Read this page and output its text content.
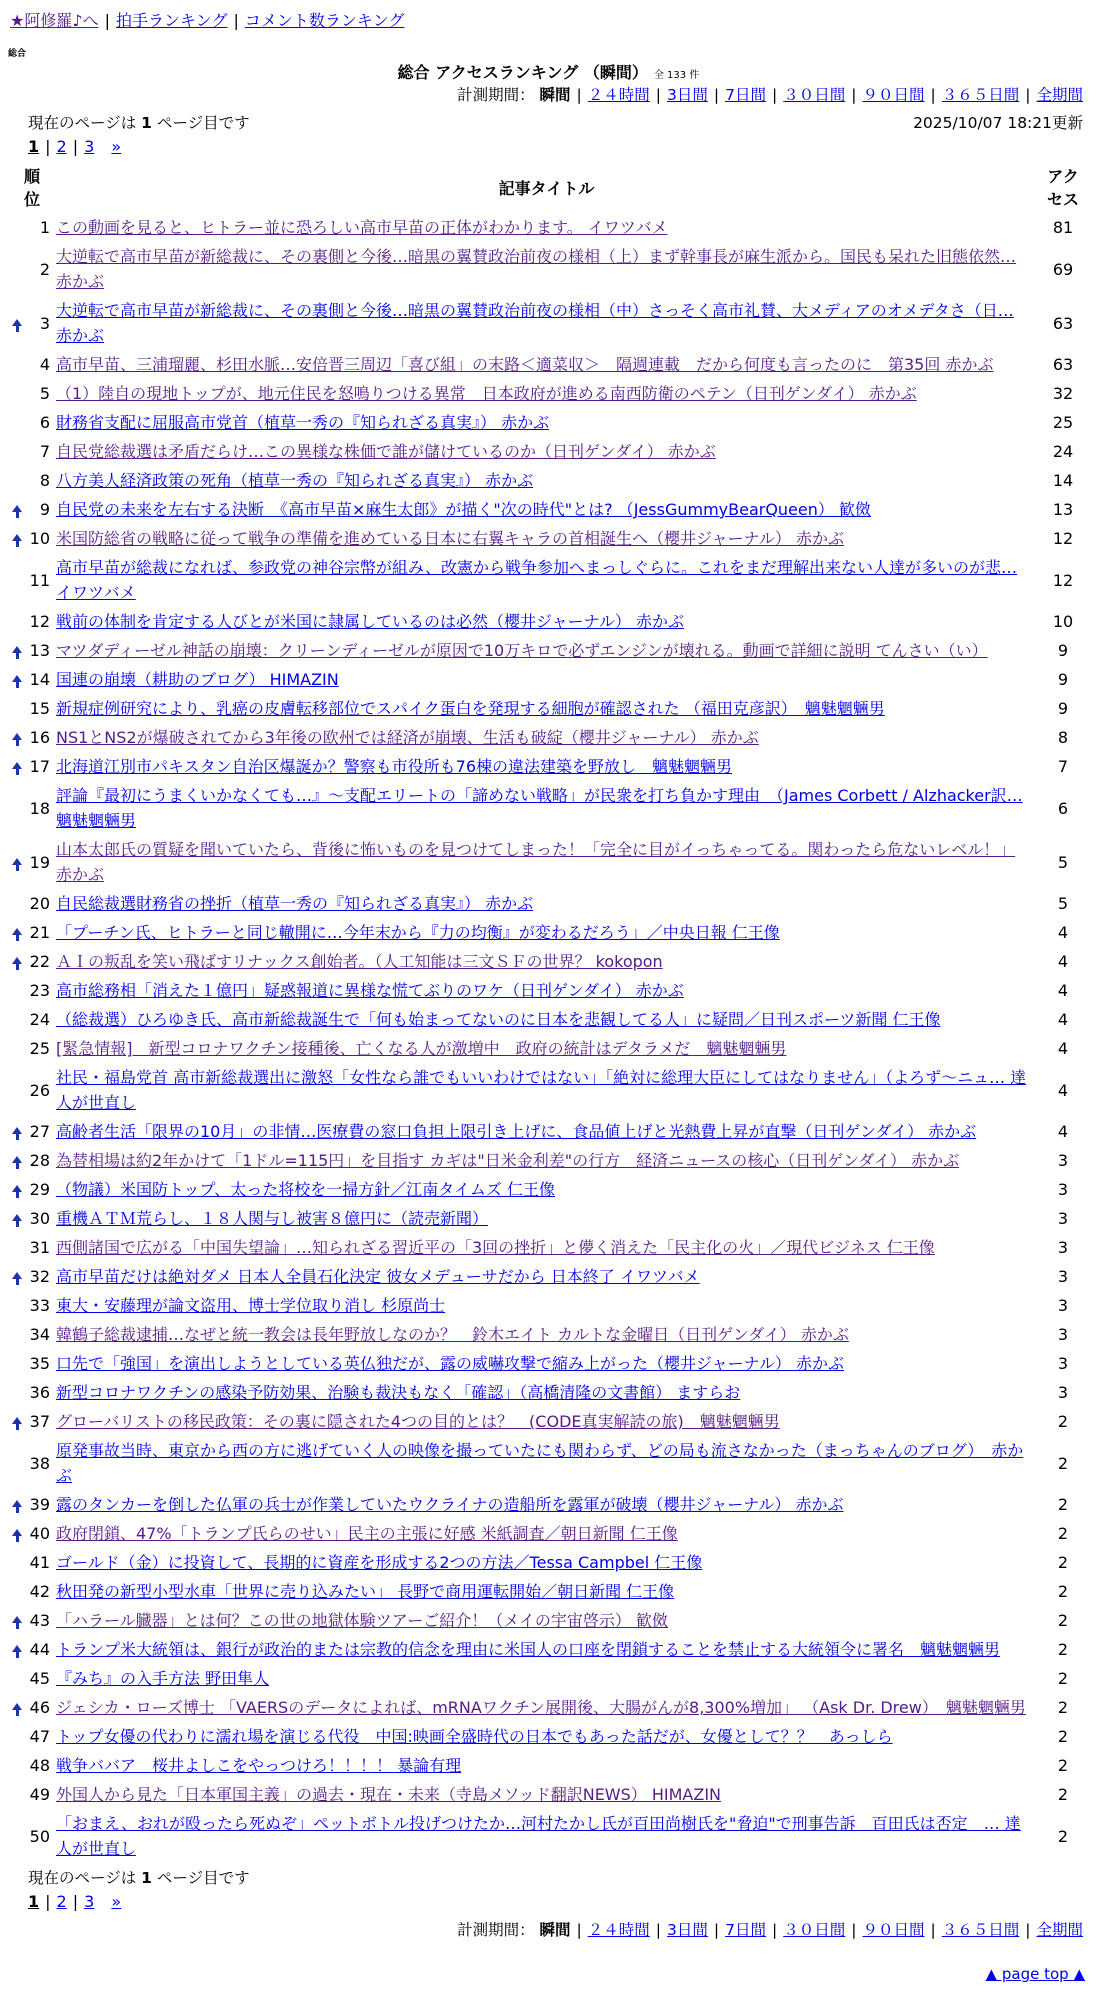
★阿修羅♪へ | 拍手ランキング | コメント数ランキング
総合
総合 アクセスランキング （瞬間） 全 133 件
計測期間： 瞬間 | ２４時間 | 3日間 | 7日間 | ３０日間 | ９０日間 | ３６５日間 | 全期間
現在のページは 1 ページ目です	2025/10/07 18:21更新
1 | 2 | 3 »
順位		記事タイトル	アクセス
	1	この動画を見ると、ヒトラー並に恐ろしい高市早苗の正体がわかります。 イワツバメ	81
	2	大逆転で高市早苗が新総裁に、その裏側と今後…暗黒の翼賛政治前夜の様相（上）まず幹事長が麻生派から。国民も呆れた旧態依然… 赤かぶ	69
	3	大逆転で高市早苗が新総裁に、その裏側と今後…暗黒の翼賛政治前夜の様相（中）さっそく高市礼賛、大メディアのオメデタさ（日… 赤かぶ	63
	4	高市早苗、三浦瑠麗、杉田水脈…安倍晋三周辺「喜び組」の末路＜適菜収＞　隔週連載　だから何度も言ったのに　第35回 赤かぶ	63
	5	（1）陸自の現地トップが、地元住民を怒鳴りつける異常　日本政府が進める南西防衛のペテン（日刊ゲンダイ） 赤かぶ	32
	6	財務省支配に屈服高市党首（植草一秀の『知られざる真実』） 赤かぶ	25
	7	自民党総裁選は矛盾だらけ…この異様な株価で誰が儲けているのか（日刊ゲンダイ） 赤かぶ	24
	8	八方美人経済政策の死角（植草一秀の『知られざる真実』） 赤かぶ	14
	9	自民党の未来を左右する決断　《高市早苗×麻生太郎》が描く"次の時代"とは? （JessGummyBearQueen） 歓傚	13
	10	米国防総省の戦略に従って戦争の準備を進めている日本に右翼キャラの首相誕生へ（櫻井ジャーナル） 赤かぶ	12
	11	高市早苗が総裁になれば、参政党の神谷宗幣が組み、改憲から戦争参加へまっしぐらに。これをまだ理解出来ない人達が多いのが悲… イワツバメ	12
	12	戦前の体制を肯定する人びとが米国に隷属しているのは必然（櫻井ジャーナル） 赤かぶ	10
	13	マツダディーゼル神話の崩壊：クリーンディーゼルが原因で10万キロで必ずエンジンが壊れる。動画で詳細に説明 てんさい（い）	9
	14	国連の崩壊（耕助のブログ） HIMAZIN	9
	15	新規症例研究により、乳癌の皮膚転移部位でスパイク蛋白を発現する細胞が確認された （福田克彦訳）　魑魅魍魎男	9
	16	NS1とNS2が爆破されてから3年後の欧州では経済が崩壊、生活も破綻（櫻井ジャーナル） 赤かぶ	8
	17	北海道江別市パキスタン自治区爆誕か？警察も市役所も76棟の違法建築を野放し　魑魅魍魎男	7
	18	評論『最初にうまくいかなくても…』～支配エリートの「諦めない戦略」が民衆を打ち負かす理由　（James Corbett / Alzhacker訳… 魑魅魍魎男	6
	19	山本太郎氏の質疑を聞いていたら、背後に怖いものを見つけてしまった！「完全に目がイっちゃってる。関わったら危ないレベル！」 赤かぶ	5
	20	自民総裁選財務省の挫折（植草一秀の『知られざる真実』） 赤かぶ	5
	21	「プーチン氏、ヒトラーと同じ轍開に…今年末から『力の均衡』が変わるだろう」／中央日報 仁王像	4
	22	ＡＩの叛乱を笑い飛ばすリナックス創始者。（人工知能は三文ＳＦの世界？ kokopon	4
	23	高市総務相「消えた１億円」疑惑報道に異様な慌てぶりのワケ（日刊ゲンダイ） 赤かぶ	4
	24	（総裁選）ひろゆき氏、高市新総裁誕生で「何も始まってないのに日本を悲観してる人」に疑問／日刊スポーツ新聞 仁王像	4
	25	[緊急情報]　新型コロナワクチン接種後、亡くなる人が激増中　政府の統計はデタラメだ　魑魅魍魎男	4
	26	社民・福島党首 高市新総裁選出に激怒「女性なら誰でもいいわけではない」「絶対に総理大臣にしてはなりません」（よろず～ニュ… 達人が世直し	4
	27	高齢者生活「限界の10月」の非情…医療費の窓口負担上限引き上げに、食品値上げと光熱費上昇が直撃（日刊ゲンダイ） 赤かぶ	4
	28	為替相場は約2年かけて「1ドル=115円」を目指す カギは"日米金利差"の行方　経済ニュースの核心（日刊ゲンダイ） 赤かぶ	3
	29	（物議）米国防トップ、太った将校を一掃方針／江南タイムズ 仁王像	3
	30	重機ＡＴＭ荒らし、１８人関与し被害８億円に（読売新聞）	3
	31	西側諸国で広がる「中国失望論」…知られざる習近平の「3回の挫折」と儚く消えた「民主化の火」／現代ビジネス 仁王像	3
	32	高市早苗だけは絶対ダメ 日本人全員石化決定 彼女メデューサだから 日本終了 イワツバメ	3
	33	東大・安藤理が論文盗用、博士学位取り消し 杉原尚士	3
	34	韓鶴子総裁逮捕…なぜと統一教会は長年野放しなのか？　鈴木エイト カルトな金曜日（日刊ゲンダイ） 赤かぶ	3
	35	口先で「強国」を演出しようとしている英仏独だが、露の威嚇攻撃で縮み上がった（櫻井ジャーナル） 赤かぶ	3
	36	新型コロナワクチンの感染予防効果、治験も裁決もなく「確認」（高橋清隆の文書館） ますらお	3
	37	グローバリストの移民政策：その裏に隠された4つの目的とは？　(CODE真実解読の旅)　魑魅魍魎男	2
	38	原発事故当時、東京から西の方に逃げていく人の映像を撮っていたにも関わらず、どの局も流さなかった（まっちゃんのブログ）　赤かぶ	2
	39	露のタンカーを倒した仏軍の兵士が作業していたウクライナの造船所を露軍が破壊（櫻井ジャーナル） 赤かぶ	2
	40	政府閉鎖、47%「トランプ氏らのせい」民主の主張に好感 米紙調査／朝日新聞 仁王像	2
	41	ゴールド（金）に投資して、長期的に資産を形成する2つの方法／Tessa Campbel 仁王像	2
	42	秋田発の新型小型水車「世界に売り込みたい」 長野で商用運転開始／朝日新聞 仁王像	2
	43	「ハラール臓器」とは何？この世の地獄体験ツアーご紹介！（メイの宇宙啓示） 歓傚	2
	44	トランプ米大統領は、銀行が政治的または宗教的信念を理由に米国人の口座を閉鎖することを禁止する大統領令に署名　魑魅魍魎男	2
	45	『みち』の入手方法 野田隼人	2
	46	ジェシカ・ローズ博士 「VAERSのデータによれば、mRNAワクチン展開後、大腸がんが8,300%増加」 （Ask Dr. Drew）　魑魅魍魎男	2
	47	トップ女優の代わりに濡れ場を演じる代役　中国:映画全盛時代の日本でもあった話だが、女優として？？　あっしら	2
	48	戦争ババア　桜井よしこをやっつけろ！！！！ 暴論有理	2
	49	外国人から見た「日本軍国主義」の過去・現在・未来（寺島メソッド翻訳NEWS） HIMAZIN	2
	50	「おまえ、おれが殴ったら死ぬぞ」ペットボトル投げつけたか…河村たかし氏が百田尚樹氏を"脅迫"で刑事告訴　百田氏は否定　… 達人が世直し	2
現在のページは 1 ページ目です
1 | 2 | 3 »
計測期間： 瞬間 | ２４時間 | 3日間 | 7日間 | ３０日間 | ９０日間 | ３６５日間 | 全期間
▲ page top ▲
